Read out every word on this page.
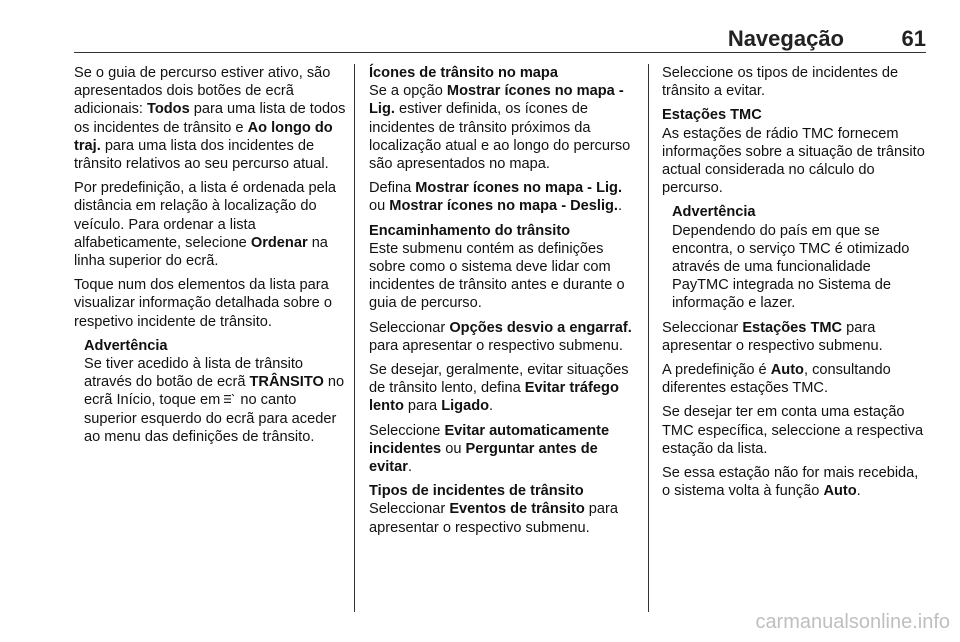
Navegação	61

Se o guia de percurso estiver ativo, são apresentados dois botões de ecrã adicionais: Todos para uma lista de todos os incidentes de trânsito e Ao longo do traj. para uma lista dos incidentes de trânsito relativos ao seu percurso atual.

Por predefinição, a lista é ordenada pela distância em relação à localização do veículo. Para ordenar a lista alfabeticamente, selecione Ordenar na linha superior do ecrã.

Toque num dos elementos da lista para visualizar informação detalhada sobre o respetivo incidente de trânsito.

Advertência
Se tiver acedido à lista de trânsito através do botão de ecrã TRÂNSITO no ecrã Início, toque em  no canto superior esquerdo do ecrã para aceder ao menu das definições de trânsito.

Ícones de trânsito no mapa

Se a opção Mostrar ícones no mapa - Lig. estiver definida, os ícones de incidentes de trânsito próximos da localização atual e ao longo do percurso são apresentados no mapa.

Defina Mostrar ícones no mapa - Lig. ou Mostrar ícones no mapa - Deslig..

Encaminhamento do trânsito

Este submenu contém as definições sobre como o sistema deve lidar com incidentes de trânsito antes e durante o guia de percurso.

Seleccionar Opções desvio a engarraf. para apresentar o respectivo submenu.

Se desejar, geralmente, evitar situações de trânsito lento, defina Evitar tráfego lento para Ligado.

Seleccione Evitar automaticamente incidentes ou Perguntar antes de evitar.

Tipos de incidentes de trânsito

Seleccionar Eventos de trânsito para apresentar o respectivo submenu.

Seleccione os tipos de incidentes de trânsito a evitar.

Estações TMC

As estações de rádio TMC fornecem informações sobre a situação de trânsito actual considerada no cálculo do percurso.

Advertência
Dependendo do país em que se encontra, o serviço TMC é otimizado através de uma funcionalidade PayTMC integrada no Sistema de informação e lazer.

Seleccionar Estações TMC para apresentar o respectivo submenu.

A predefinição é Auto, consultando diferentes estações TMC.

Se desejar ter em conta uma estação TMC específica, seleccione a respectiva estação da lista.

Se essa estação não for mais recebida, o sistema volta à função Auto.

carmanualsonline.info
